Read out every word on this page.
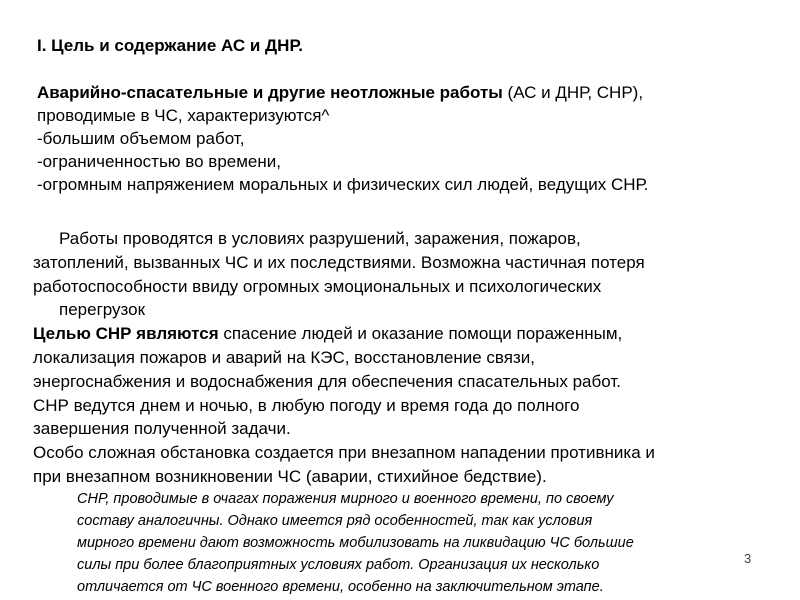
I. Цель и содержание АС и ДНР.
Аварийно-спасательные и другие неотложные работы (АС и ДНР, СНР),
проводимые в ЧС, характеризуются^
-большим объемом работ,
-ограниченностью во времени,
-огромным напряжением моральных и физических сил людей, ведущих СНР.
Работы проводятся в условиях разрушений, заражения, пожаров,
затоплений, вызванных ЧС и их последствиями. Возможна частичная потеря
работоспособности ввиду огромных эмоциональных и психологических
перегрузок
Целью СНР являются спасение людей и оказание помощи пораженным,
локализация пожаров и аварий на КЭС, восстановление связи,
энергоснабжения и водоснабжения для обеспечения спасательных работ.
СНР ведутся днем и ночью, в любую погоду и время года до полного
завершения полученной задачи.
Особо сложная обстановка создается при внезапном нападении противника и
при внезапном возникновении ЧС (аварии, стихийное бедствие).
СНР, проводимые в очагах поражения мирного и военного времени, по своему
составу аналогичны. Однако имеется ряд особенностей, так как условия
мирного времени дают возможность мобилизовать на ликвидацию ЧС большие
силы при более благоприятных условиях работ. Организация их несколько
отличается от ЧС военного времени, особенно на заключительном этапе.
3
